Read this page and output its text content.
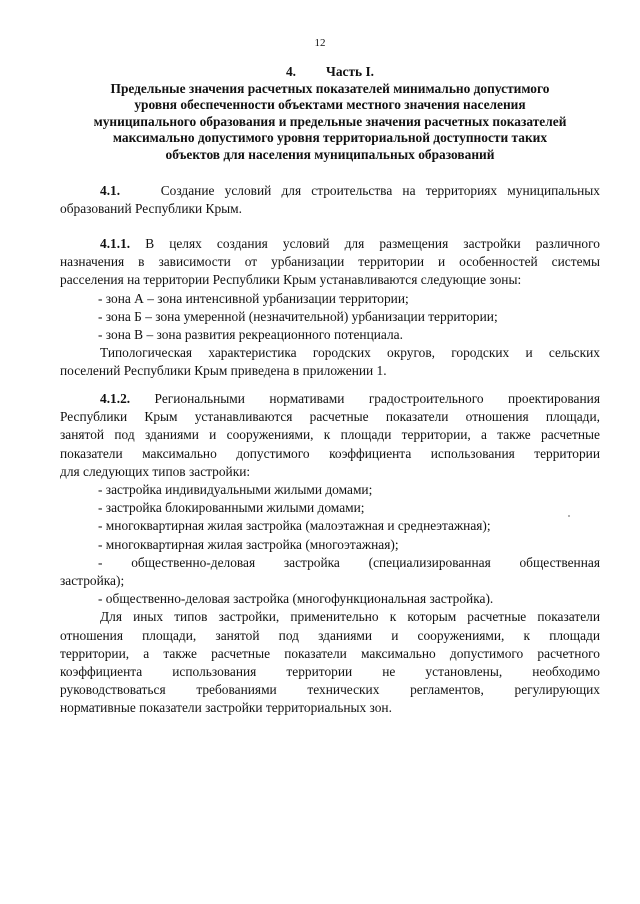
12
4. Часть I.
Предельные значения расчетных показателей минимально допустимого
уровня обеспеченности объектами местного значения населения
муниципального образования и предельные значения расчетных показателей
максимально допустимого уровня территориальной доступности таких
объектов для населения муниципальных образований
4.1.	Создание условий для строительства на территориях муниципальных
образований Республики Крым.
4.1.1. В целях создания условий для размещения застройки различного
назначения в зависимости от урбанизации территории и особенностей системы
расселения на территории Республики Крым устанавливаются следующие зоны:
- зона А – зона интенсивной урбанизации территории;
- зона Б – зона умеренной (незначительной) урбанизации территории;
- зона В – зона развития рекреационного потенциала.
Типологическая характеристика городских округов, городских и сельских
поселений Республики Крым приведена в приложении 1.
4.1.2. Региональными нормативами градостроительного проектирования
Республики Крым устанавливаются расчетные показатели отношения площади,
занятой под зданиями и сооружениями, к площади территории, а также расчетные
показатели максимально допустимого коэффициента использования территории
для следующих типов застройки:
- застройка индивидуальными жилыми домами;
- застройка блокированными жилыми домами;
- многоквартирная жилая застройка (малоэтажная и среднеэтажная);
- многоквартирная жилая застройка (многоэтажная);
- общественно-деловая застройка (специализированная общественная
застройка);
- общественно-деловая застройка (многофункциональная застройка).
Для иных типов застройки, применительно к которым расчетные показатели
отношения площади, занятой под зданиями и сооружениями, к площади
территории, а также расчетные показатели максимально допустимого расчетного
коэффициента использования территории не установлены, необходимо
руководствоваться требованиями технических регламентов, регулирующих
нормативные показатели застройки территориальных зон.
